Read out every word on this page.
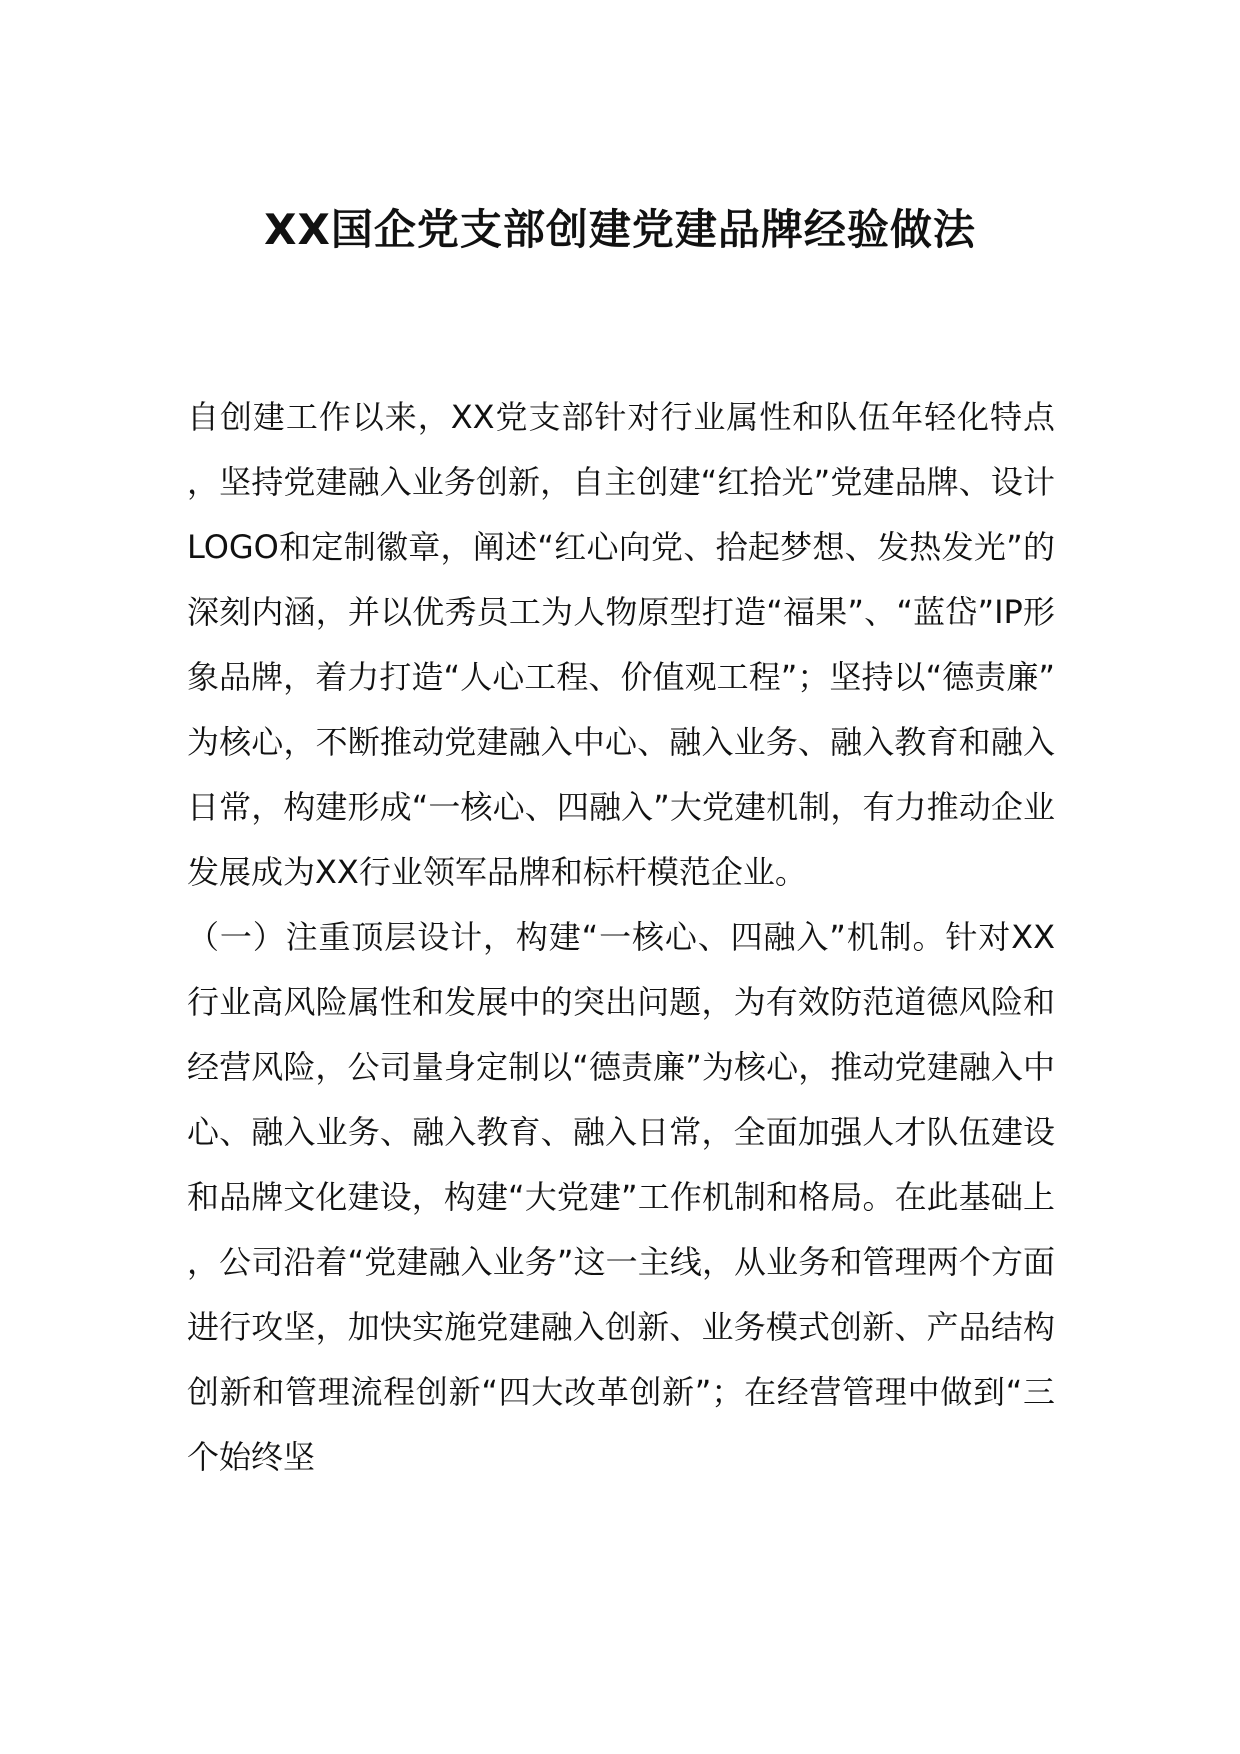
XX国企党支部创建党建品牌经验做法

自创建工作以来，XX党支部针对行业属性和队伍年轻化特点，坚持党建融入业务创新，自主创建“红拾光”党建品牌、设计LOGO和定制徽章，阐述“红心向党、拾起梦想、发热发光”的深刻内涵，并以优秀员工为人物原型打造“福果”、“蓝岱”IP形象品牌，着力打造“人心工程、价值观工程”；坚持以“德责廉”为核心，不断推动党建融入中心、融入业务、融入教育和融入日常，构建形成“一核心、四融入”大党建机制，有力推动企业发展成为XX行业领军品牌和标杆模范企业。

（一）注重顶层设计，构建“一核心、四融入”机制。针对XX行业高风险属性和发展中的突出问题，为有效防范道德风险和经营风险，公司量身定制以“德责廉”为核心，推动党建融入中心、融入业务、融入教育、融入日常，全面加强人才队伍建设和品牌文化建设，构建“大党建”工作机制和格局。在此基础上，公司沿着“党建融入业务”这一主线，从业务和管理两个方面进行攻坚，加快实施党建融入创新、业务模式创新、产品结构创新和管理流程创新“四大改革创新”；在经营管理中做到“三个始终坚
